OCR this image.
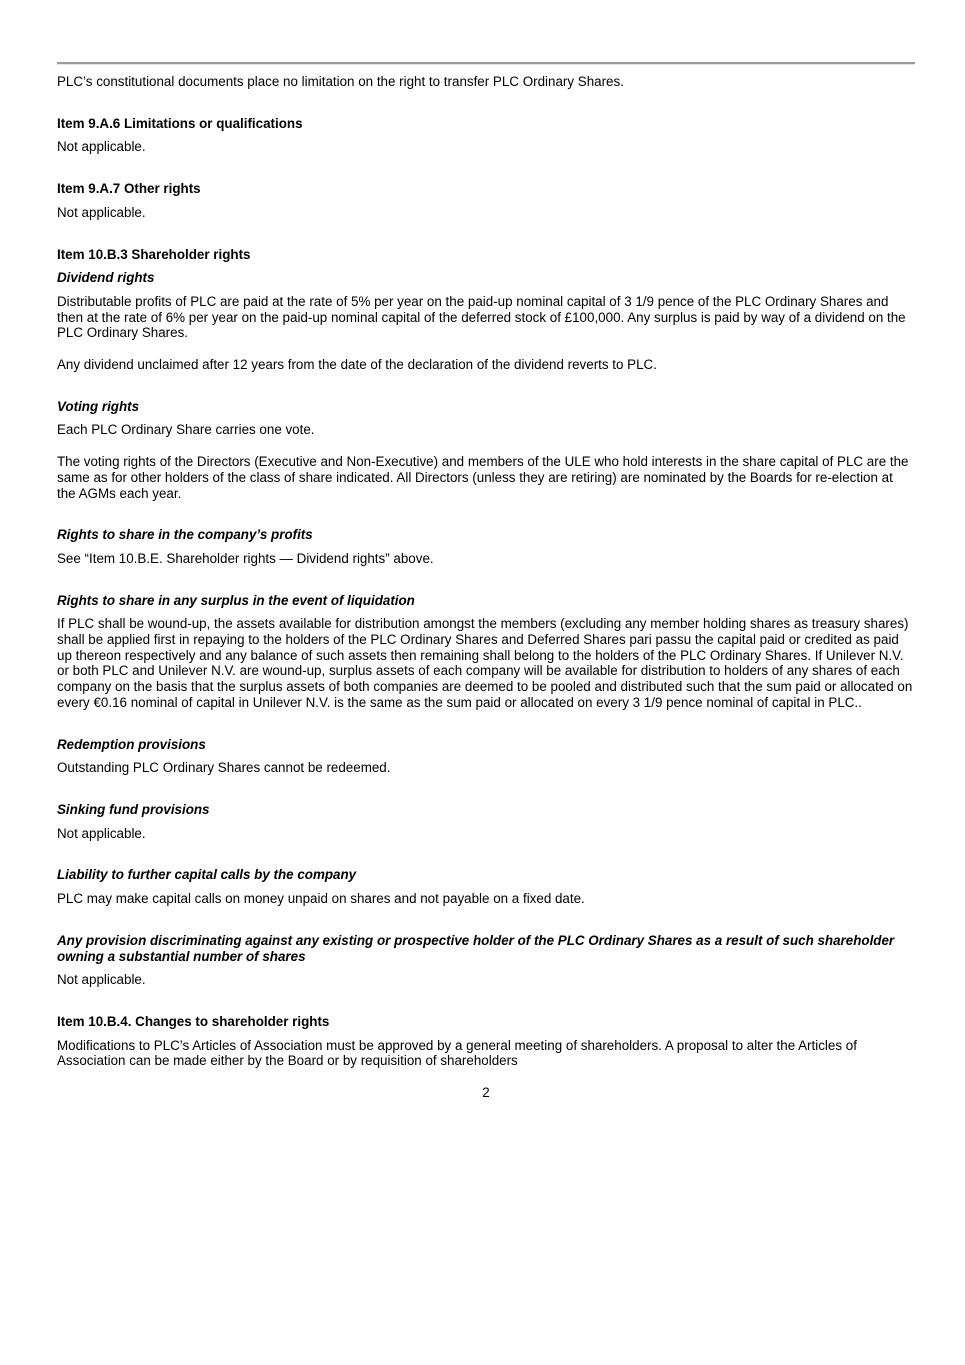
PLC’s constitutional documents place no limitation on the right to transfer PLC Ordinary Shares.

Item 9.A.6 Limitations or qualifications

Not applicable.

Item 9.A.7 Other rights

Not applicable.

Item 10.B.3 Shareholder rights

Dividend rights

Distributable profits of PLC are paid at the rate of 5% per year on the paid-up nominal capital of 3 1/9 pence of the PLC Ordinary Shares and then at the rate of 6% per year on the paid-up nominal capital of the deferred stock of £100,000. Any surplus is paid by way of a dividend on the PLC Ordinary Shares.

Any dividend unclaimed after 12 years from the date of the declaration of the dividend reverts to PLC.

Voting rights

Each PLC Ordinary Share carries one vote.

The voting rights of the Directors (Executive and Non-Executive) and members of the ULE who hold interests in the share capital of PLC are the same as for other holders of the class of share indicated. All Directors (unless they are retiring) are nominated by the Boards for re-election at the AGMs each year.

Rights to share in the company’s profits

See “Item 10.B.E. Shareholder rights — Dividend rights” above.

Rights to share in any surplus in the event of liquidation

If PLC shall be wound-up, the assets available for distribution amongst the members (excluding any member holding shares as treasury shares) shall be applied first in repaying to the holders of the PLC Ordinary Shares and Deferred Shares pari passu the capital paid or credited as paid up thereon respectively and any balance of such assets then remaining shall belong to the holders of the PLC Ordinary Shares. If Unilever N.V. or both PLC and Unilever N.V. are wound-up, surplus assets of each company will be available for distribution to holders of any shares of each company on the basis that the surplus assets of both companies are deemed to be pooled and distributed such that the sum paid or allocated on every €0.16 nominal of capital in Unilever N.V. is the same as the sum paid or allocated on every 3 1/9 pence nominal of capital in PLC..

Redemption provisions

Outstanding PLC Ordinary Shares cannot be redeemed.

Sinking fund provisions

Not applicable.

Liability to further capital calls by the company

PLC may make capital calls on money unpaid on shares and not payable on a fixed date.

Any provision discriminating against any existing or prospective holder of the PLC Ordinary Shares as a result of such shareholder owning a substantial number of shares

Not applicable.

Item 10.B.4. Changes to shareholder rights

Modifications to PLC’s Articles of Association must be approved by a general meeting of shareholders. A proposal to alter the Articles of Association can be made either by the Board or by requisition of shareholders

2
